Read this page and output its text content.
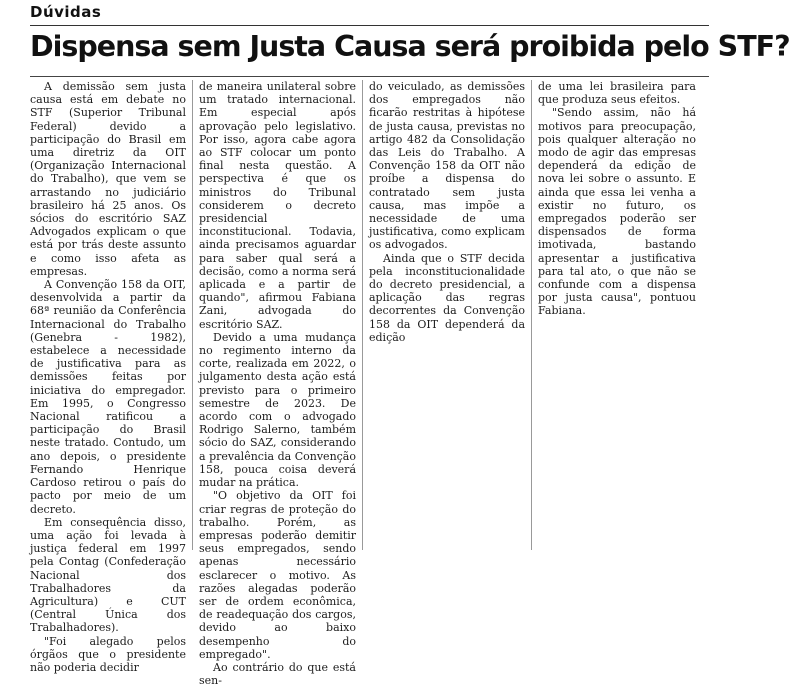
Dúvidas
Dispensa sem Justa Causa será proibida pelo STF?

A demissão sem justa causa está em debate no STF (Superior Tribunal Federal) devido a participação do Brasil em uma diretriz da OIT (Organização Internacional do Trabalho), que vem se arrastando no judiciário brasileiro há 25 anos. Os sócios do escritório SAZ Advogados explicam o que está por trás deste assunto e como isso afeta as empresas.

A Convenção 158 da OIT, desenvolvida a partir da 68ª reunião da Conferência Internacional do Trabalho (Genebra - 1982), estabelece a necessidade de justificativa para as demissões feitas por iniciativa do empregador. Em 1995, o Congresso Nacional ratificou a participação do Brasil neste tratado. Contudo, um ano depois, o presidente Fernando Henrique Cardoso retirou o país do pacto por meio de um decreto.

Em consequência disso, uma ação foi levada à justiça federal em 1997 pela Contag (Confederação Nacional dos Trabalhadores da Agricultura) e CUT (Central Única dos Trabalhadores).

"Foi alegado pelos órgãos que o presidente não poderia decidir

de maneira unilateral sobre um tratado internacional. Em especial após aprovação pelo legislativo. Por isso, agora cabe agora ao STF colocar um ponto final nesta questão. A perspectiva é que os ministros do Tribunal considerem o decreto presidencial inconstitucional. Todavia, ainda precisamos aguardar para saber qual será a decisão, como a norma será aplicada e a partir de quando", afirmou Fabiana Zani, advogada do escritório SAZ.

Devido a uma mudança no regimento interno da corte, realizada em 2022, o julgamento desta ação está previsto para o primeiro semestre de 2023. De acordo com o advogado Rodrigo Salerno, também sócio do SAZ, considerando a prevalência da Convenção 158, pouca coisa deverá mudar na prática.

"O objetivo da OIT foi criar regras de proteção do trabalho. Porém, as empresas poderão demitir seus empregados, sendo apenas necessário esclarecer o motivo. As razões alegadas poderão ser de ordem econômica, de readequação dos cargos, devido ao baixo desempenho do empregado".

Ao contrário do que está sen-

do veiculado, as demissões dos empregados não ficarão restritas à hipótese de justa causa, previstas no artigo 482 da Consolidação das Leis do Trabalho. A Convenção 158 da OIT não proíbe a dispensa do contratado sem justa causa, mas impõe a necessidade de uma justificativa, como explicam os advogados.

Ainda que o STF decida pela inconstitucionalidade do decreto presidencial, a aplicação das regras decorrentes da Convenção 158 da OIT dependerá da edição

de uma lei brasileira para que produza seus efeitos.

"Sendo assim, não há motivos para preocupação, pois qualquer alteração no modo de agir das empresas dependerá da edição de nova lei sobre o assunto. E ainda que essa lei venha a existir no futuro, os empregados poderão ser dispensados de forma imotivada, bastando apresentar a justificativa para tal ato, o que não se confunde com a dispensa por justa causa", pontuou Fabiana.
